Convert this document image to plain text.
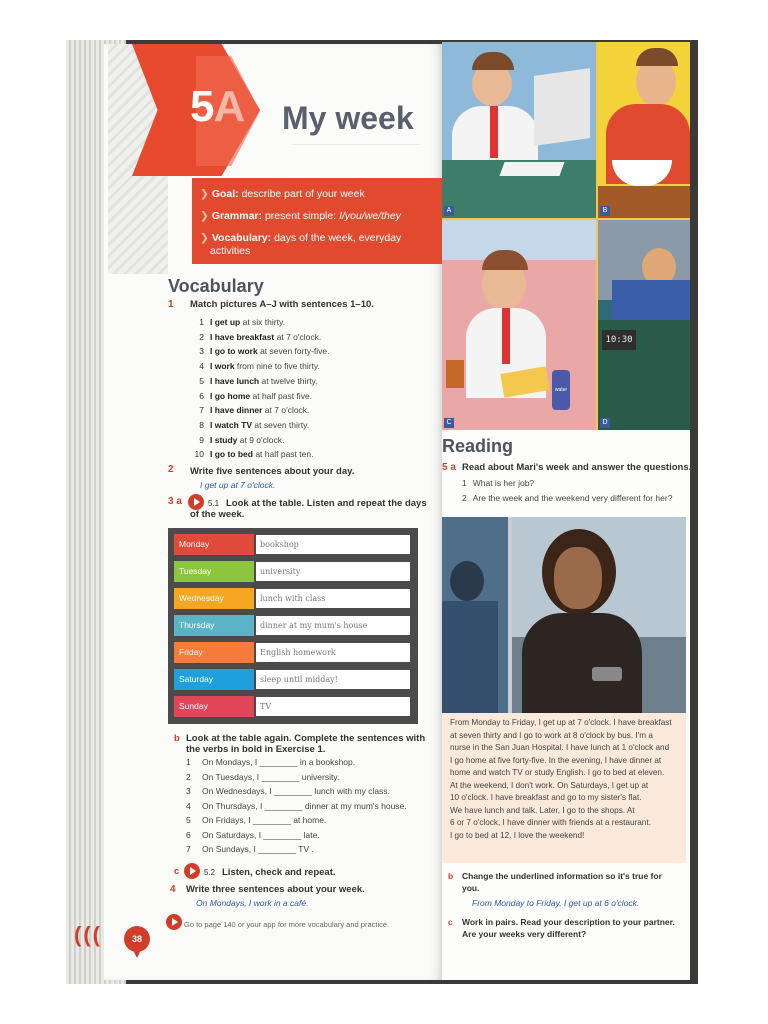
5A My week
❯ Goal: describe part of your week
❯ Grammar: present simple: I/you/we/they
❯ Vocabulary: days of the week, everyday
activities
Vocabulary
1 Match pictures A–J with sentences 1–10.
1 I get up at six thirty.
2 I have breakfast at 7 o'clock.
3 I go to work at seven forty-five.
4 I work from nine to five thirty.
5 I have lunch at twelve thirty.
6 I go home at half past five.
7 I have dinner at 7 o'clock.
8 I watch TV at seven thirty.
9 I study at 9 o'clock.
10 I go to bed at half past ten.
2 Write five sentences about your day.
I get up at 7 o'clock.
3 a	5.1 Look at the table. Listen and repeat the days
of the week.
Monday	bookshop
Tuesday	university
Wednesday	lunch with class
Thursday	dinner at my mum's house
Friday	English homework
Saturday	sleep until midday!
Sunday	TV
b Look at the table again. Complete the sentences with
the verbs in bold in Exercise 1.
1 On Mondays, I ________ in a bookshop.
2 On Tuesdays, I ________ university.
3 On Wednesdays, I ________ lunch with my class.
4 On Thursdays, I ________ dinner at my mum's house.
5 On Fridays, I ________ at home.
6 On Saturdays, I ________ late.
7 On Sundays, I ________ TV .
c	5.2 Listen, check and repeat.
4 Write three sentences about your week.
On Mondays, I work in a café.
Go to page 140 or your app for more vocabulary and practice.
(((	38
A	B
water
C
10:30
D
Reading
5 a Read about Mari's week and answer the questions.
1 What is her job?
2 Are the week and the weekend very different for her?
From Monday to Friday, I get up at 7 o'clock. I have breakfast
at seven thirty and I go to work at 8 o'clock by bus. I'm a
nurse in the San Juan Hospital. I have lunch at 1 o'clock and
I go home at five forty-five. In the evening, I have dinner at
home and watch TV or study English. I go to bed at eleven.
At the weekend, I don't work. On Saturdays, I get up at
10 o'clock. I have breakfast and go to my sister's flat.
We have lunch and talk. Later, I go to the shops. At
6 or 7 o'clock, I have dinner with friends at a restaurant.
I go to bed at 12. I love the weekend!
b Change the underlined information so it's true for
you.
From Monday to Friday, I get up at 6 o'clock.
c Work in pairs. Read your description to your partner.
Are your weeks very different?
